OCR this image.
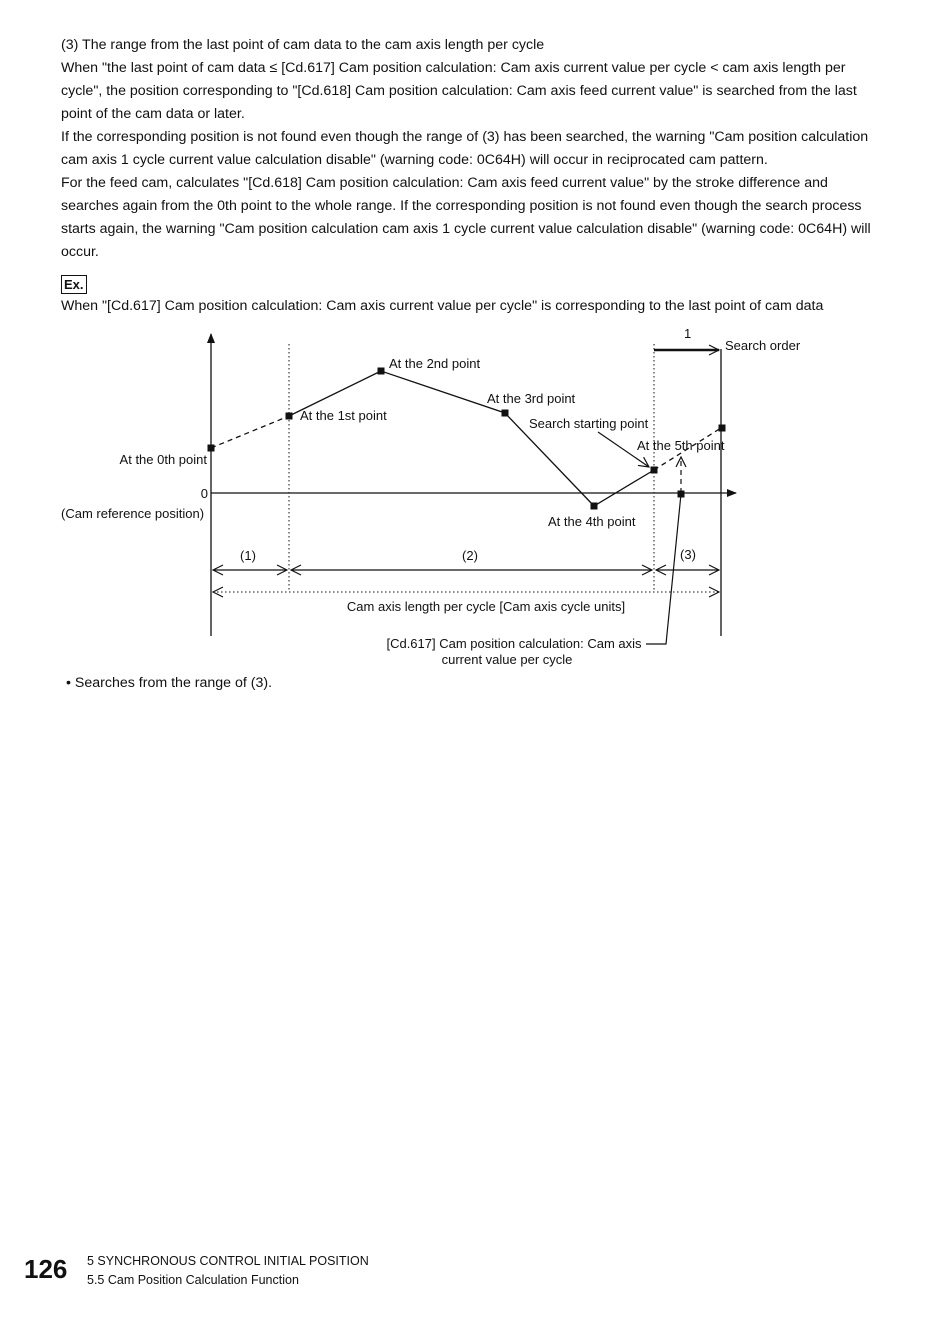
(3) The range from the last point of cam data to the cam axis length per cycle

When "the last point of cam data ≤ [Cd.617] Cam position calculation: Cam axis current value per cycle < cam axis length per cycle", the position corresponding to "[Cd.618] Cam position calculation: Cam axis feed current value" is searched from the last point of the cam data or later.

If the corresponding position is not found even though the range of (3) has been searched, the warning "Cam position calculation cam axis 1 cycle current value calculation disable" (warning code: 0C64H) will occur in reciprocated cam pattern.

For the feed cam, calculates "[Cd.618] Cam position calculation: Cam axis feed current value" by the stroke difference and searches again from the 0th point to the whole range. If the corresponding position is not found even though the search process starts again, the warning "Cam position calculation cam axis 1 cycle current value calculation disable" (warning code: 0C64H) will occur.

Ex.
When "[Cd.617] Cam position calculation: Cam axis current value per cycle" is corresponding to the last point of cam data
At the 0th point
At the 1st point
At the 2nd point
At the 3rd point
At the 4th point
At the 5th point
Search starting point
1
Search order
0
(Cam reference position)
(1)	(2)	(3)
Cam axis length per cycle [Cam axis cycle units]
[Cd.617] Cam position calculation: Cam axis
current value per cycle
• Searches from the range of (3).
126 5 SYNCHRONOUS CONTROL INITIAL POSITION
5.5 Cam Position Calculation Function
